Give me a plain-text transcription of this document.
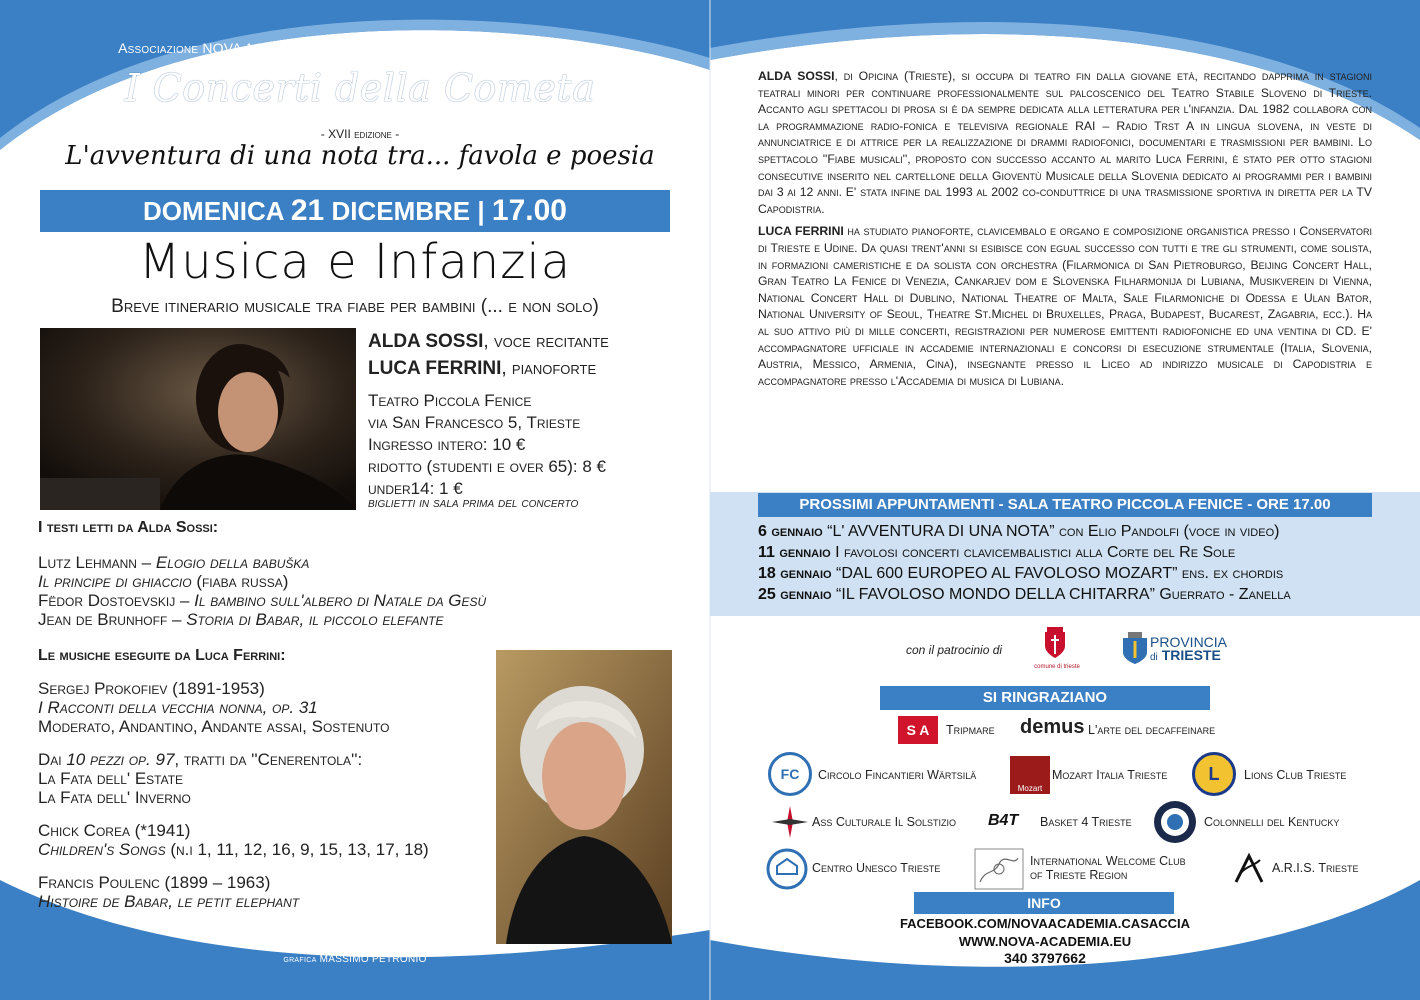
Associazione NOVA ACADEMIA - STEFANO CASACCIA Direttore Artistico
I Concerti della Cometa
- XVII edizione -
L'avventura di una nota tra... favola e poesia
DOMENICA 21 DICEMBRE | 17.00
Musica e Infanzia
Breve itinerario musicale tra fiabe per bambini (... e non solo)
ALDA SOSSI, voce recitante
LUCA FERRINI, pianoforte
Teatro Piccola Fenice
via San Francesco 5, Trieste
Ingresso intero: 10 €
ridotto (studenti e over 65): 8 €
under14: 1 €
biglietti in sala prima del concerto
I testi letti da Alda Sossi:
Lutz Lehmann – Elogio della babuška
Il principe di ghiaccio (fiaba russa)
Fëdor Dostoevskij – Il bambino sull'albero di Natale da Gesù
Jean de Brunhoff – Storia di Babar, il piccolo elefante
Le musiche eseguite da Luca Ferrini:
Sergej Prokofiev (1891-1953)
I Racconti della vecchia nonna, op. 31
Moderato, Andantino, Andante assai, Sostenuto
Dai 10 pezzi op. 97, tratti da ''Cenerentola'':
La Fata dell' Estate
La Fata dell' Inverno
Chick Corea (*1941)
Children's Songs (n.i 1, 11, 12, 16, 9, 15, 13, 17, 18)
Francis Poulenc (1899 – 1963)
Histoire de Babar, le petit elephant
grafica MASSIMO PETRONIO

ALDA SOSSI, di Opicina (Trieste), si occupa di teatro fin dalla giovane età, recitando dapprima in stagioni teatrali minori per continuare professionalmente sul palcoscenico del Teatro Stabile Sloveno di Trieste. Accanto agli spettacoli di prosa si è da sempre dedicata alla letteratura per l'infanzia. Dal 1982 collabora con la programmazione radio-fonica e televisiva regionale RAI – Radio Trst A in lingua slovena, in veste di annunciatrice e di attrice per la realizzazione di drammi radiofonici, documentari e trasmissioni per bambini. Lo spettacolo ''Fiabe musicali'', proposto con successo accanto al marito Luca Ferrini, è stato per otto stagioni consecutive inserito nel cartellone della Gioventù Musicale della Slovenia dedicato ai programmi per i bambini dai 3 ai 12 anni. E' stata infine dal 1993 al 2002 co-conduttrice di una trasmissione sportiva in diretta per la TV Capodistria.

LUCA FERRINI ha studiato pianoforte, clavicembalo e organo e composizione organistica presso i Conservatori di Trieste e Udine. Da quasi trent'anni si esibisce con egual successo con tutti e tre gli strumenti, come solista, in formazioni cameristiche e da solista con orchestra (Filarmonica di San Pietroburgo, Beijing Concert Hall, Gran Teatro La Fenice di Venezia, Cankarjev dom e Slovenska Filharmonija di Lubiana, Musikverein di Vienna, National Concert Hall di Dublino, National Theatre of Malta, Sale Filarmoniche di Odessa e Ulan Bator, National University of Seoul, Theatre St.Michel di Bruxelles, Praga, Budapest, Bucarest, Zagabria, ecc.). Ha al suo attivo più di mille concerti, registrazioni per numerose emittenti radiofoniche ed una ventina di CD. E' accompagnatore ufficiale in accademie internazionali e concorsi di esecuzione strumentale (Italia, Slovenia, Austria, Messico, Armenia, Cina), insegnante presso il Liceo ad indirizzo musicale di Capodistria e accompagnatore presso l'Accademia di musica di Lubiana.

PROSSIMI APPUNTAMENTI - SALA TEATRO PICCOLA FENICE - ORE 17.00
6 gennaio “L' AVVENTURA DI UNA NOTA” con Elio Pandolfi (voce in video)
11 gennaio I favolosi concerti clavicembalistici alla Corte del Re Sole
18 gennaio “DAL 600 EUROPEO AL FAVOLOSO MOZART” ens. ex chordis
25 gennaio “IL FAVOLOSO MONDO DELLA CHITARRA” Guerrato - Zanella
con il patrocinio di
comune di trieste
PROVINCIA
di TRIESTE
SI RINGRAZIANO
S A	Tripmare demus L'arte del decaffeinare
FC	Circolo Fincantieri Wärtsilä
Mozart
Mozart Italia Trieste	L	Lions Club Trieste
Ass Culturale Il Solstizio B4T Basket 4 Trieste	Colonnelli del Kentucky
Centro Unesco Trieste	International Welcome Club
of Trieste Region	A.R.I.S. Trieste
INFO
FACEBOOK.COM/NOVAACADEMIA.CASACCIA
WWW.NOVA-ACADEMIA.EU
340 3797662
